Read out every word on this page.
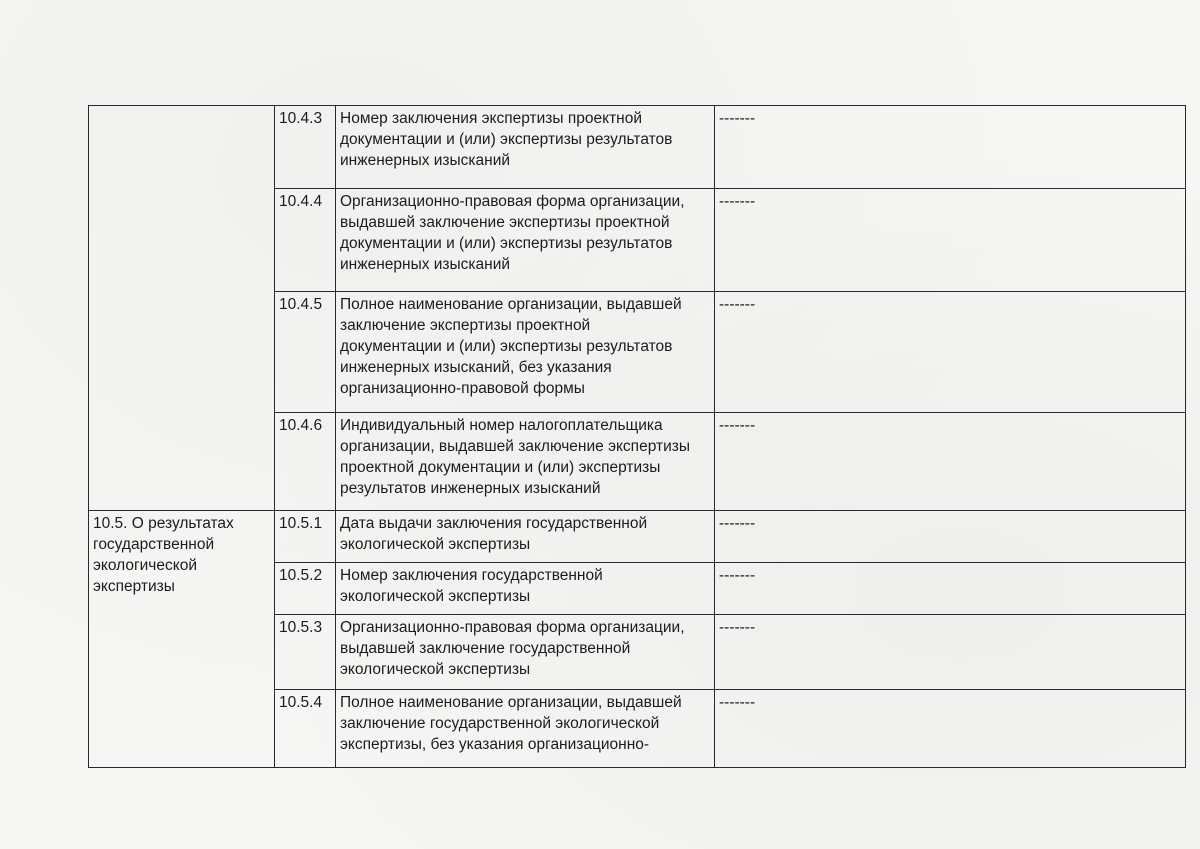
	10.4.3	Номер заключения экспертизы проектной
документации и (или) экспертизы результатов
инженерных изысканий	-------
	10.4.4	Организационно-правовая форма организации,
выдавшей заключение экспертизы проектной
документации и (или) экспертизы результатов
инженерных изысканий	-------
	10.4.5	Полное наименование организации, выдавшей
заключение экспертизы проектной
документации и (или) экспертизы результатов
инженерных изысканий, без указания
организационно-правовой формы	-------
	10.4.6	Индивидуальный номер налогоплательщика
организации, выдавшей заключение экспертизы
проектной документации и (или) экспертизы
результатов инженерных изысканий	-------

10.5. О результатах
государственной
экологической
экспертизы	10.5.1	Дата выдачи заключения государственной
экологической экспертизы	-------
	10.5.2	Номер заключения государственной
экологической экспертизы	-------
	10.5.3	Организационно-правовая форма организации,
выдавшей заключение государственной
экологической экспертизы	-------
	10.5.4	Полное наименование организации, выдавшей
заключение государственной экологической
экспертизы, без указания организационно-	-------
